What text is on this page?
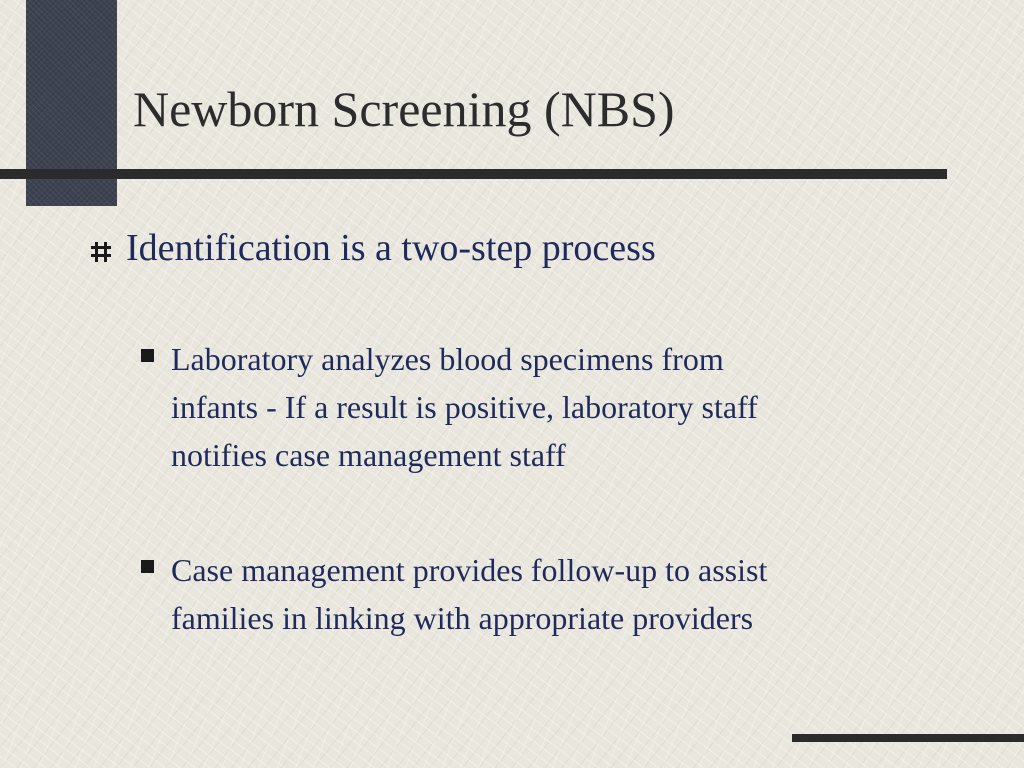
Newborn Screening (NBS)
Identification is a two-step process
Laboratory analyzes blood specimens from
infants - If a result is positive, laboratory staff
notifies case management staff
Case management provides follow-up to assist
families in linking with appropriate providers
